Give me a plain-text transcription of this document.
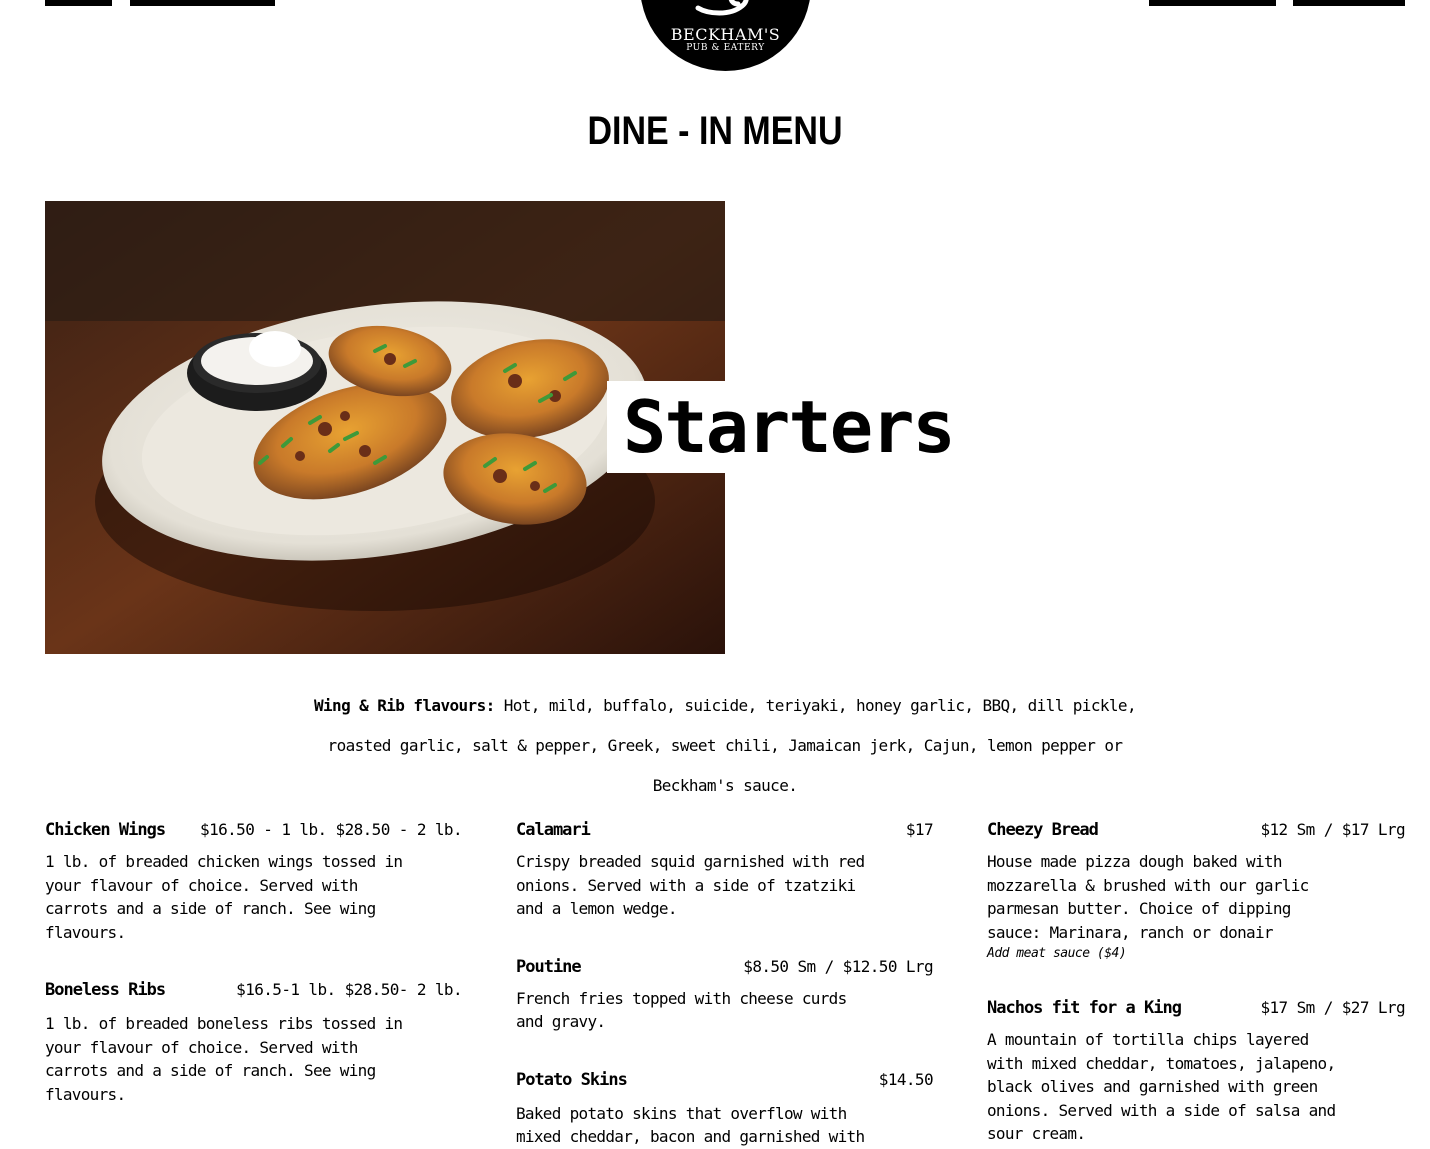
BECKHAM'S
PUB & EATERY
DINE - IN MENU
Starters
Wing & Rib flavours: Hot, mild, buffalo, suicide, teriyaki, honey garlic, BBQ, dill pickle, roasted garlic, salt & pepper, Greek, sweet chili, Jamaican jerk, Cajun, lemon pepper or Beckham's sauce.
Chicken Wings $16.50 - 1 lb. $28.50 - 2 lb.

1 lb. of breaded chicken wings tossed in your flavour of choice. Served with carrots and a side of ranch. See wing flavours.

Boneless Ribs	$16.5-1 lb. $28.50- 2 lb.

1 lb. of breaded boneless ribs tossed in your flavour of choice. Served with carrots and a side of ranch. See wing flavours.

Calamari	$17

Crispy breaded squid garnished with red onions. Served with a side of tzatziki and a lemon wedge.

Poutine	$8.50 Sm / $12.50 Lrg

French fries topped with cheese curds and gravy.

Potato Skins	$14.50

Baked potato skins that overflow with mixed cheddar, bacon and garnished with

Cheezy Bread	$12 Sm / $17 Lrg

House made pizza dough baked with mozzarella & brushed with our garlic parmesan butter. Choice of dipping sauce: Marinara, ranch or donair

Add meat sauce ($4)

Nachos fit for a King	$17 Sm / $27 Lrg

A mountain of tortilla chips layered with mixed cheddar, tomatoes, jalapeno, black olives and garnished with green onions. Served with a side of salsa and sour cream.
